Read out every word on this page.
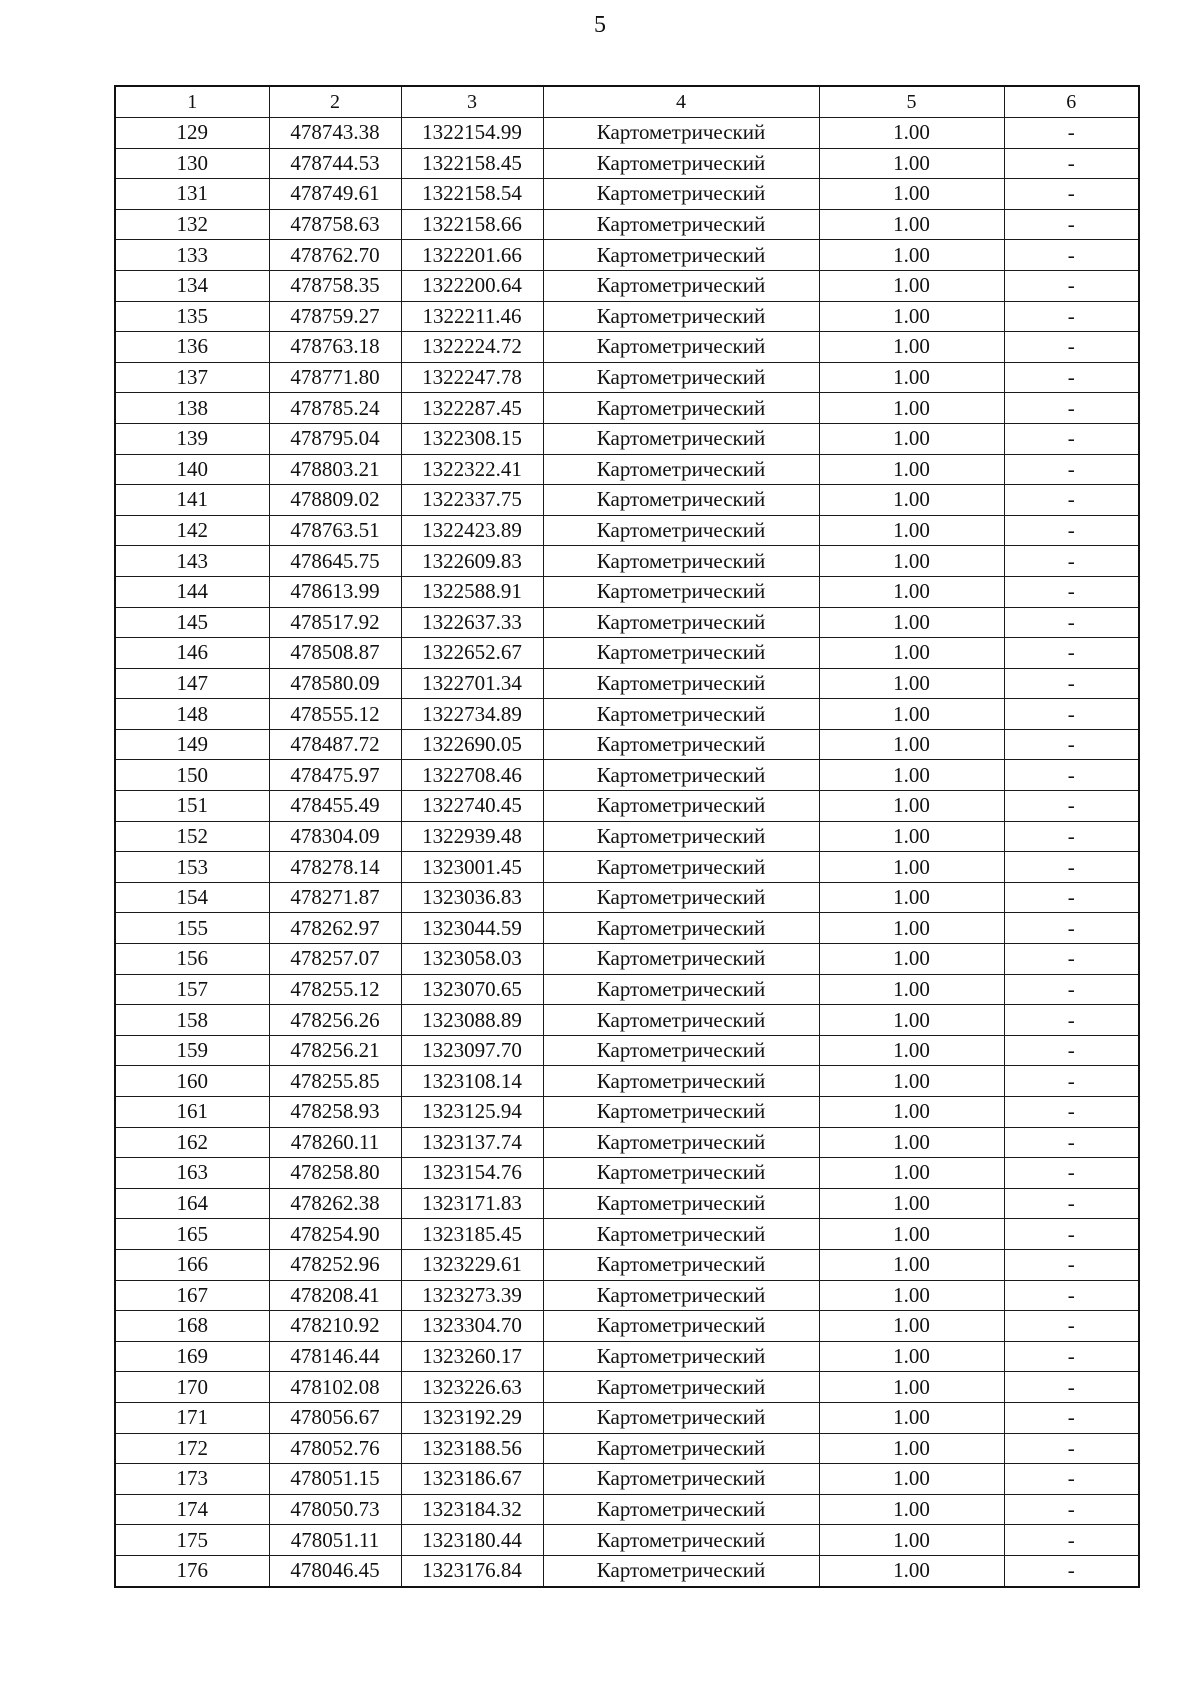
5
1	2	3	4	5	6
129	478743.38	1322154.99	Картометрический	1.00	-
130	478744.53	1322158.45	Картометрический	1.00	-
131	478749.61	1322158.54	Картометрический	1.00	-
132	478758.63	1322158.66	Картометрический	1.00	-
133	478762.70	1322201.66	Картометрический	1.00	-
134	478758.35	1322200.64	Картометрический	1.00	-
135	478759.27	1322211.46	Картометрический	1.00	-
136	478763.18	1322224.72	Картометрический	1.00	-
137	478771.80	1322247.78	Картометрический	1.00	-
138	478785.24	1322287.45	Картометрический	1.00	-
139	478795.04	1322308.15	Картометрический	1.00	-
140	478803.21	1322322.41	Картометрический	1.00	-
141	478809.02	1322337.75	Картометрический	1.00	-
142	478763.51	1322423.89	Картометрический	1.00	-
143	478645.75	1322609.83	Картометрический	1.00	-
144	478613.99	1322588.91	Картометрический	1.00	-
145	478517.92	1322637.33	Картометрический	1.00	-
146	478508.87	1322652.67	Картометрический	1.00	-
147	478580.09	1322701.34	Картометрический	1.00	-
148	478555.12	1322734.89	Картометрический	1.00	-
149	478487.72	1322690.05	Картометрический	1.00	-
150	478475.97	1322708.46	Картометрический	1.00	-
151	478455.49	1322740.45	Картометрический	1.00	-
152	478304.09	1322939.48	Картометрический	1.00	-
153	478278.14	1323001.45	Картометрический	1.00	-
154	478271.87	1323036.83	Картометрический	1.00	-
155	478262.97	1323044.59	Картометрический	1.00	-
156	478257.07	1323058.03	Картометрический	1.00	-
157	478255.12	1323070.65	Картометрический	1.00	-
158	478256.26	1323088.89	Картометрический	1.00	-
159	478256.21	1323097.70	Картометрический	1.00	-
160	478255.85	1323108.14	Картометрический	1.00	-
161	478258.93	1323125.94	Картометрический	1.00	-
162	478260.11	1323137.74	Картометрический	1.00	-
163	478258.80	1323154.76	Картометрический	1.00	-
164	478262.38	1323171.83	Картометрический	1.00	-
165	478254.90	1323185.45	Картометрический	1.00	-
166	478252.96	1323229.61	Картометрический	1.00	-
167	478208.41	1323273.39	Картометрический	1.00	-
168	478210.92	1323304.70	Картометрический	1.00	-
169	478146.44	1323260.17	Картометрический	1.00	-
170	478102.08	1323226.63	Картометрический	1.00	-
171	478056.67	1323192.29	Картометрический	1.00	-
172	478052.76	1323188.56	Картометрический	1.00	-
173	478051.15	1323186.67	Картометрический	1.00	-
174	478050.73	1323184.32	Картометрический	1.00	-
175	478051.11	1323180.44	Картометрический	1.00	-
176	478046.45	1323176.84	Картометрический	1.00	-
